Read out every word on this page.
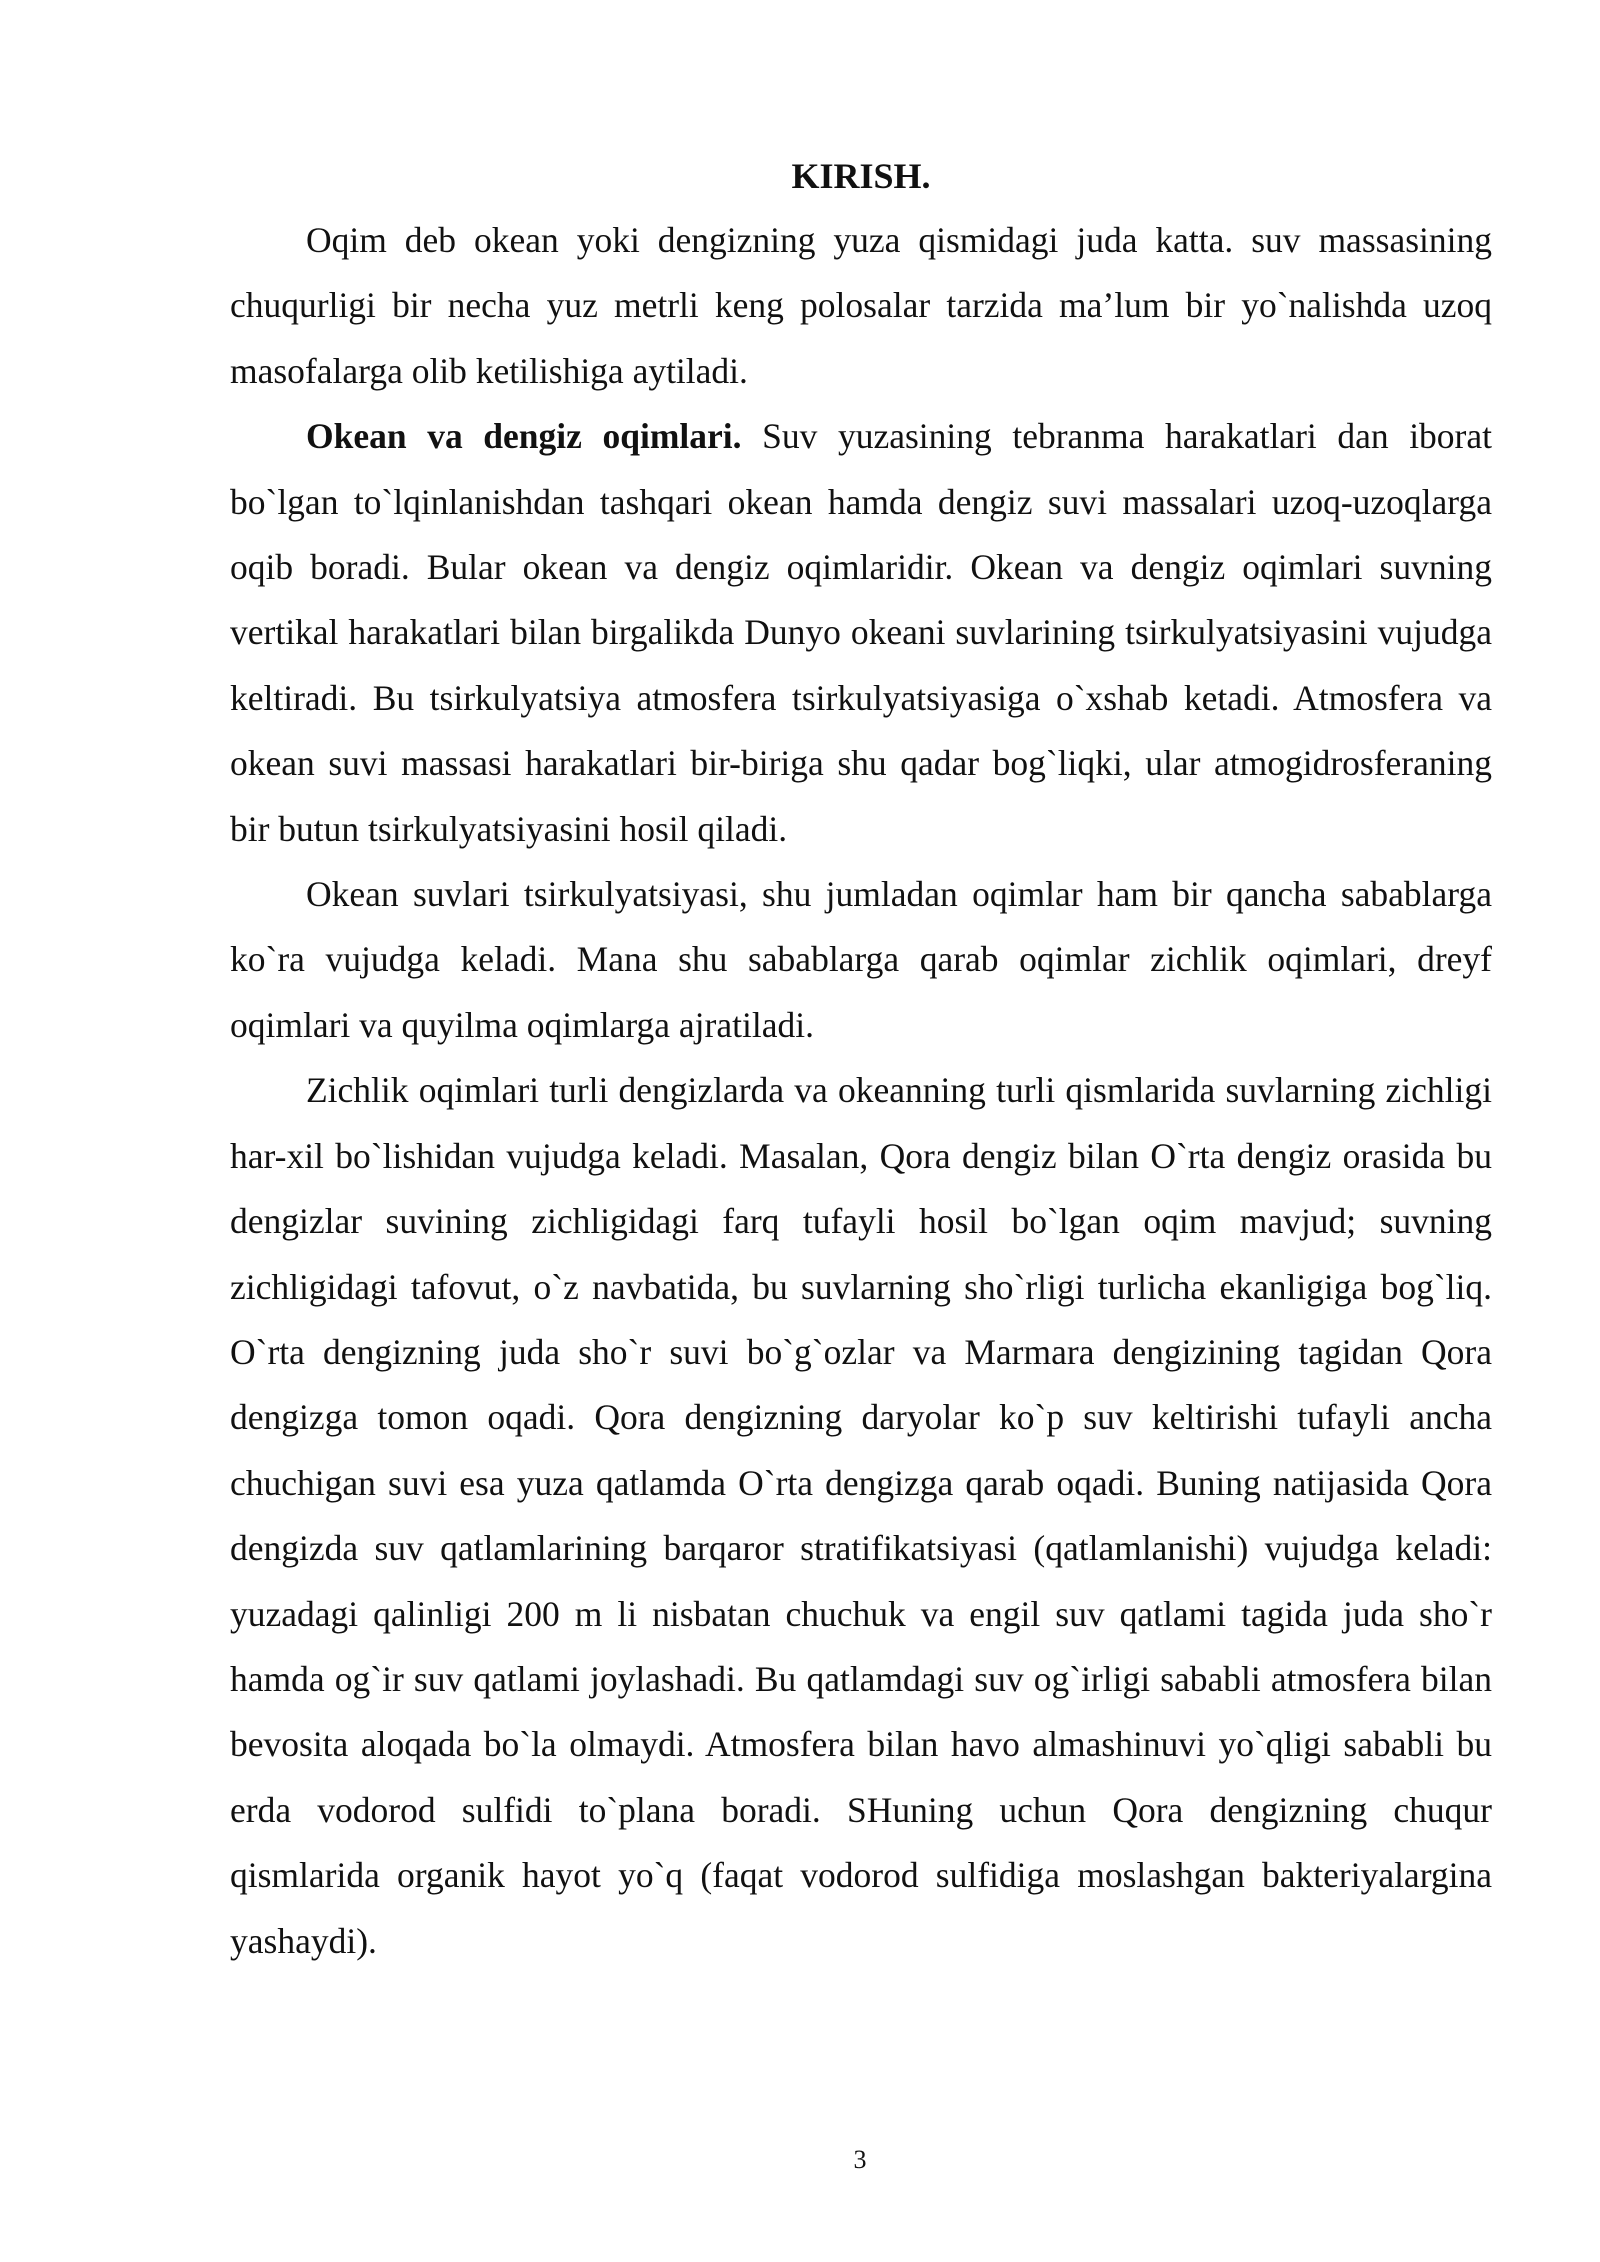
KIRISH.

Oqim deb okean yoki dengizning yuza qismidagi juda katta. suv massasining chuqurligi bir necha yuz metrli keng polosalar tarzida ma’lum bir yo`nalishda uzoq masofalarga olib ketilishiga aytiladi.

Okean va dengiz oqimlari. Suv yuzasining tebranma harakatlari dan iborat bo`lgan to`lqinlanishdan tashqari okean hamda dengiz suvi massalari uzoq-uzoqlarga oqib boradi. Bular okean va dengiz oqimlaridir. Okean va dengiz oqimlari suvning vertikal harakatlari bilan birgalikda Dunyo okeani suvlarining tsirkulyatsiyasini vujudga keltiradi. Bu tsirkulyatsiya atmosfera tsirkulyatsiyasiga o`xshab ketadi. Atmosfera va okean suvi massasi harakatlari bir-biriga shu qadar bog`liqki, ular atmogidrosferaning bir butun tsirkulyatsiyasini hosil qiladi.

Okean suvlari tsirkulyatsiyasi, shu jumladan oqimlar ham bir qancha sabablarga ko`ra vujudga keladi. Mana shu sabablarga qarab oqimlar zichlik oqimlari, dreyf oqimlari va quyilma oqimlarga ajratiladi.

Zichlik oqimlari turli dengizlarda va okeanning turli qismlarida suvlarning zichligi har-xil bo`lishidan vujudga keladi. Masalan, Qora dengiz bilan O`rta dengiz orasida bu dengizlar suvining zichligidagi farq tufayli hosil bo`lgan oqim mavjud; suvning zichligidagi tafovut, o`z navbatida, bu suvlarning sho`rligi turlicha ekanligiga bog`liq. O`rta dengizning juda sho`r suvi bo`g`ozlar va Marmara dengizining tagidan Qora dengizga tomon oqadi. Qora dengizning daryolar ko`p suv keltirishi tufayli ancha chuchigan suvi esa yuza qatlamda O`rta dengizga qarab oqadi. Buning natijasida Qora dengizda suv qatlamlarining barqaror stratifikatsiyasi (qatlamlanishi) vujudga keladi: yuzadagi qalinligi 200 m li nisbatan chuchuk va engil suv qatlami tagida juda sho`r hamda og`ir suv qatlami joylashadi. Bu qatlamdagi suv og`irligi sababli atmosfera bilan bevosita aloqada bo`la olmaydi. Atmosfera bilan havo almashinuvi yo`qligi sababli bu erda vodorod sulfidi to`plana boradi. SHuning uchun Qora dengizning chuqur qismlarida organik hayot yo`q (faqat vodorod sulfidiga moslashgan bakteriyalargina yashaydi).

3
